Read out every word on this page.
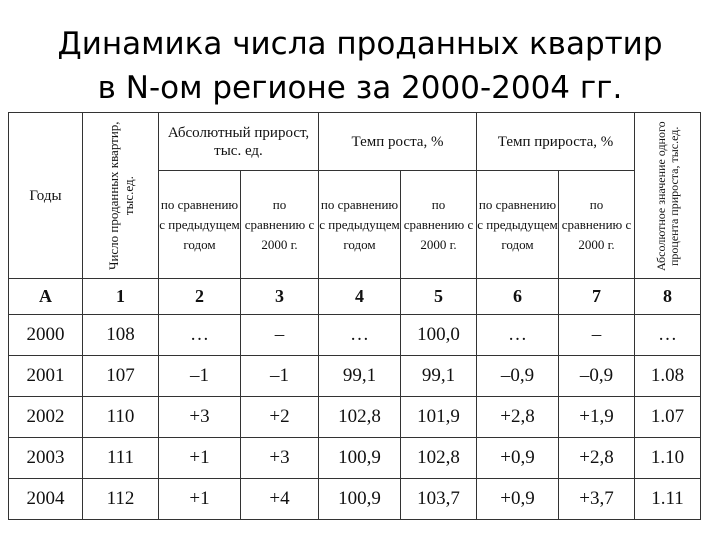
Динамика числа проданных квартир
в N-ом регионе за 2000-2004 гг.
Годы	Число проданных квартир, тыс.ед.	Абсолютный прирост, тыс. ед.		Темп роста, %		Темп прироста, %		Абсолютное значение одного процента прироста, тыс.ед.

		по сравнению с предыдущем годом	по сравнению с 2000 г.	по сравнению с предыдущем годом	по сравнению с 2000 г.	по сравнению с предыдущем годом	по сравнению с 2000 г.	
А	1	2	3	4	5	6	7	8
2000	108	…	–	…	100,0	…	–	…
2001	107	–1	–1	99,1	99,1	–0,9	–0,9	1.08
2002	110	+3	+2	102,8	101,9	+2,8	+1,9	1.07
2003	111	+1	+3	100,9	102,8	+0,9	+2,8	1.10
2004	112	+1	+4	100,9	103,7	+0,9	+3,7	1.11
